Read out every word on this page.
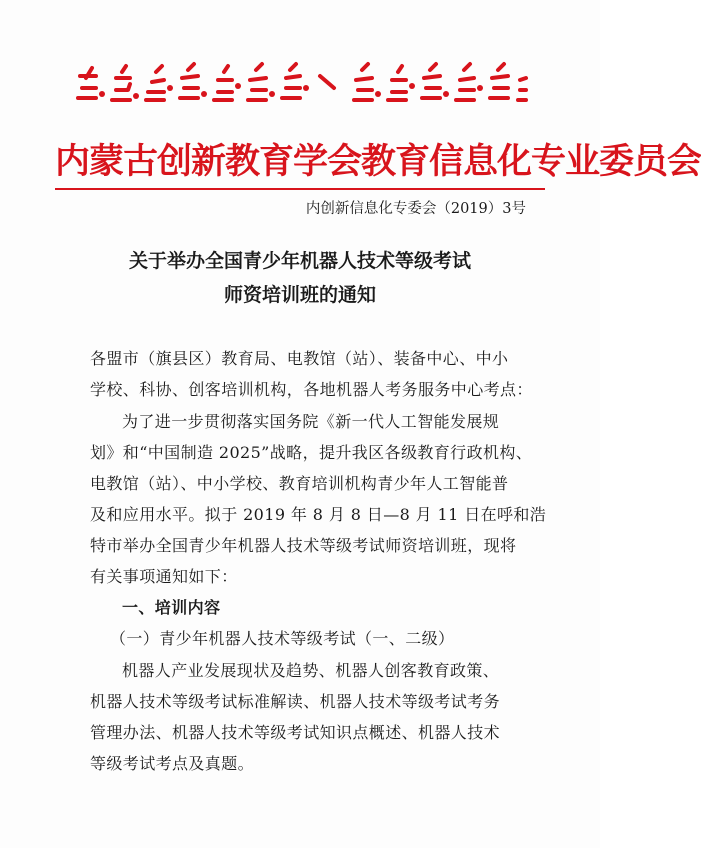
内蒙古创新教育学会教育信息化专业委员会
内创新信息化专委会（2019）3号
关于举办全国青少年机器人技术等级考试
师资培训班的通知
各盟市（旗县区）教育局、电教馆（站）、装备中心、中小
学校、科协、创客培训机构，各地机器人考务服务中心考点：
为了进一步贯彻落实国务院《新一代人工智能发展规
划》和“中国制造 2025”战略，提升我区各级教育行政机构、
电教馆（站）、中小学校、教育培训机构青少年人工智能普
及和应用水平。拟于 2019 年 8 月 8 日—8 月 11 日在呼和浩
特市举办全国青少年机器人技术等级考试师资培训班，现将
有关事项通知如下：
一、培训内容
（一）青少年机器人技术等级考试（一、二级）
机器人产业发展现状及趋势、机器人创客教育政策、
机器人技术等级考试标准解读、机器人技术等级考试考务
管理办法、机器人技术等级考试知识点概述、机器人技术
等级考试考点及真题。
